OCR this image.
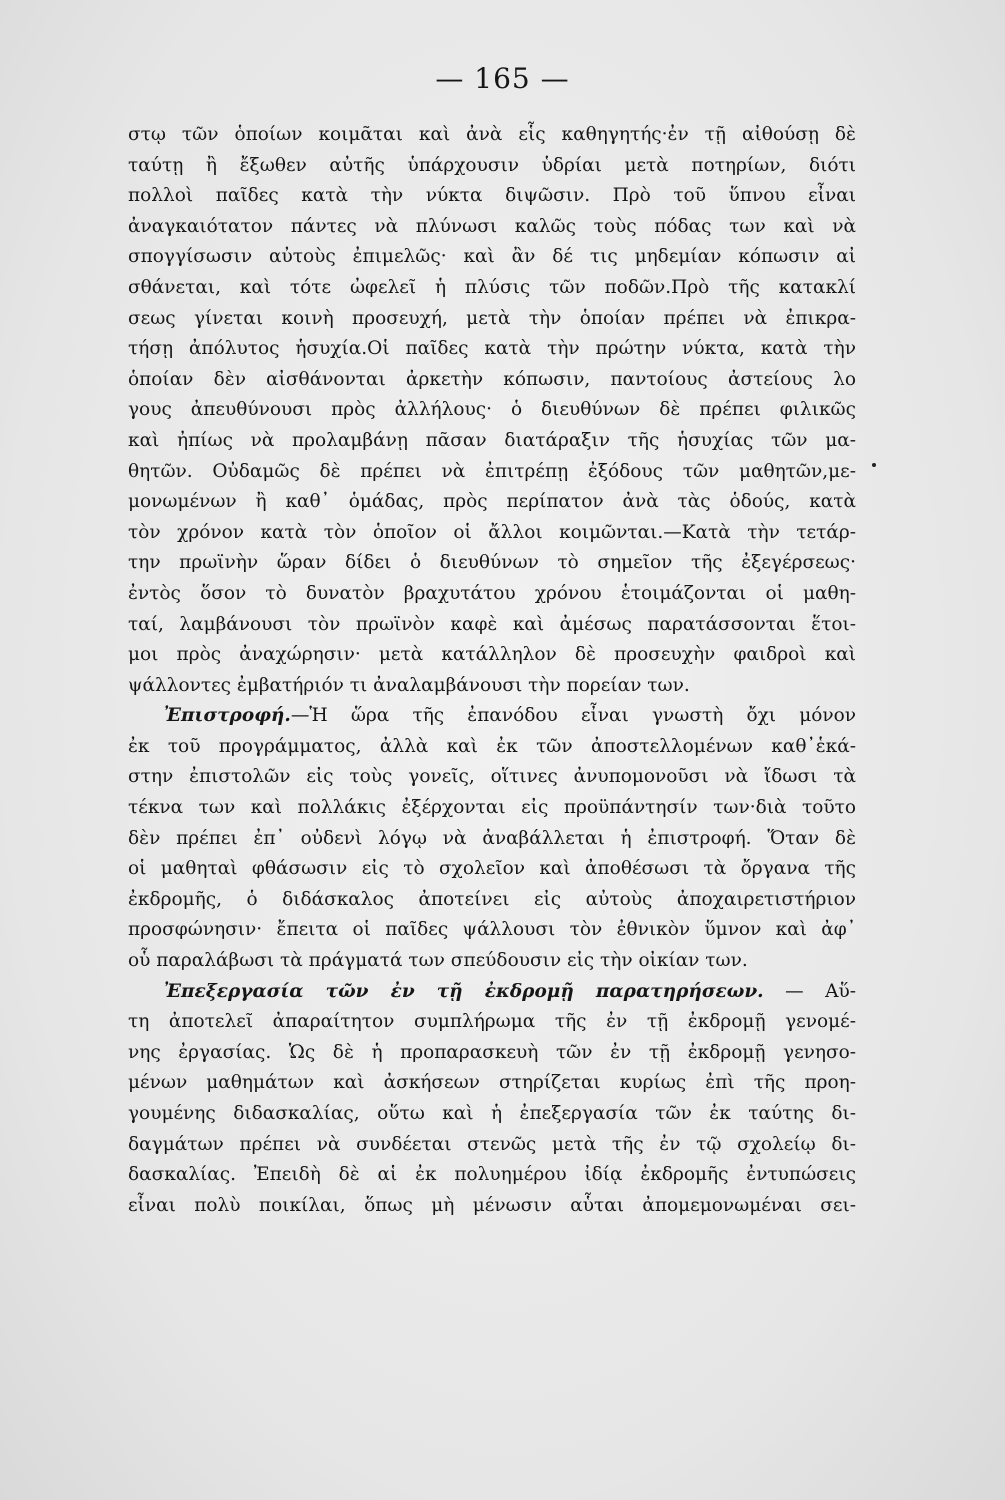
— 165 —
στῳ τῶν ὁποίων κοιμᾶται καὶ ἀνὰ εἷς καθηγητής·ἐν τῇ αἰθούσῃ δὲ
ταύτῃ ἢ ἔξωθεν αὐτῆς ὑπάρχουσιν ὑδρίαι μετὰ ποτηρίων, διότι
πολλοὶ παῖδες κατὰ τὴν νύκτα διψῶσιν. Πρὸ τοῦ ὕπνου εἶναι
ἀναγκαιότατον πάντες νὰ πλύνωσι καλῶς τοὺς πόδας των καὶ νὰ
σπογγίσωσιν αὐτοὺς ἐπιμελῶς· καὶ ἂν δέ τις μηδεμίαν κόπωσιν αἰ
σθάνεται, καὶ τότε ὠφελεῖ ἡ πλύσις τῶν ποδῶν.Πρὸ τῆς κατακλί
σεως γίνεται κοινὴ προσευχή, μετὰ τὴν ὁποίαν πρέπει νὰ ἐπικρα-
τήσῃ ἀπόλυτος ἡσυχία.Οἱ παῖδες κατὰ τὴν πρώτην νύκτα, κατὰ τὴν
ὁποίαν δὲν αἰσθάνονται ἀρκετὴν κόπωσιν, παντοίους ἀστείους λο
γους ἀπευθύνουσι πρὸς ἀλλήλους· ὁ διευθύνων δὲ πρέπει φιλικῶς
καὶ ἠπίως νὰ προλαμβάνῃ πᾶσαν διατάραξιν τῆς ἡσυχίας τῶν μα-
θητῶν. Οὐδαμῶς δὲ πρέπει νὰ ἐπιτρέπῃ ἐξόδους τῶν μαθητῶν,με-
μονωμένων ἢ καθ᾽ ὁμάδας, πρὸς περίπατον ἀνὰ τὰς ὁδούς, κατὰ
τὸν χρόνον κατὰ τὸν ὁποῖον οἱ ἄλλοι κοιμῶνται.—Κατὰ τὴν τετάρ-
την πρωϊνὴν ὥραν δίδει ὁ διευθύνων τὸ σημεῖον τῆς ἐξεγέρσεως·
ἐντὸς ὅσον τὸ δυνατὸν βραχυτάτου χρόνου ἑτοιμάζονται οἱ μαθη-
ταί, λαμβάνουσι τὸν πρωϊνὸν καφὲ καὶ ἀμέσως παρατάσσονται ἕτοι-
μοι πρὸς ἀναχώρησιν· μετὰ κατάλληλον δὲ προσευχὴν φαιδροὶ καὶ
ψάλλοντες ἐμβατήριόν τι ἀναλαμβάνουσι τὴν πορείαν των.
Ἐπιστροφή.—Ἡ ὥρα τῆς ἐπανόδου εἶναι γνωστὴ ὄχι μόνον
ἐκ τοῦ προγράμματος, ἀλλὰ καὶ ἐκ τῶν ἀποστελλομένων καθ᾽ἑκά-
στην ἐπιστολῶν εἰς τοὺς γονεῖς, οἵτινες ἀνυπομονοῦσι νὰ ἴδωσι τὰ
τέκνα των καὶ πολλάκις ἐξέρχονται εἰς προϋπάντησίν των·διὰ τοῦτο
δὲν πρέπει ἐπ᾽ οὐδενὶ λόγῳ νὰ ἀναβάλλεται ἡ ἐπιστροφή. Ὅταν δὲ
οἱ μαθηταὶ φθάσωσιν εἰς τὸ σχολεῖον καὶ ἀποθέσωσι τὰ ὄργανα τῆς
ἐκδρομῆς, ὁ διδάσκαλος ἀποτείνει εἰς αὐτοὺς ἀποχαιρετιστήριον
προσφώνησιν· ἔπειτα οἱ παῖδες ψάλλουσι τὸν ἐθνικὸν ὕμνον καὶ ἀφ᾽
οὗ παραλάβωσι τὰ πράγματά των σπεύδουσιν εἰς τὴν οἰκίαν των.
Ἐπεξεργασία τῶν ἐν τῇ ἐκδρομῇ παρατηρήσεων. — Αὕ-
τη ἀποτελεῖ ἀπαραίτητον συμπλήρωμα τῆς ἐν τῇ ἐκδρομῇ γενομέ-
νης ἐργασίας. Ὡς δὲ ἡ προπαρασκευὴ τῶν ἐν τῇ ἐκδρομῇ γενησο-
μένων μαθημάτων καὶ ἀσκήσεων στηρίζεται κυρίως ἐπὶ τῆς προη-
γουμένης διδασκαλίας, οὕτω καὶ ἡ ἐπεξεργασία τῶν ἐκ ταύτης δι-
δαγμάτων πρέπει νὰ συνδέεται στενῶς μετὰ τῆς ἐν τῷ σχολείῳ δι-
δασκαλίας. Ἐπειδὴ δὲ αἱ ἐκ πολυημέρου ἰδίᾳ ἐκδρομῆς ἐντυπώσεις
εἶναι πολὺ ποικίλαι, ὅπως μὴ μένωσιν αὗται ἀπομεμονωμέναι σει-
